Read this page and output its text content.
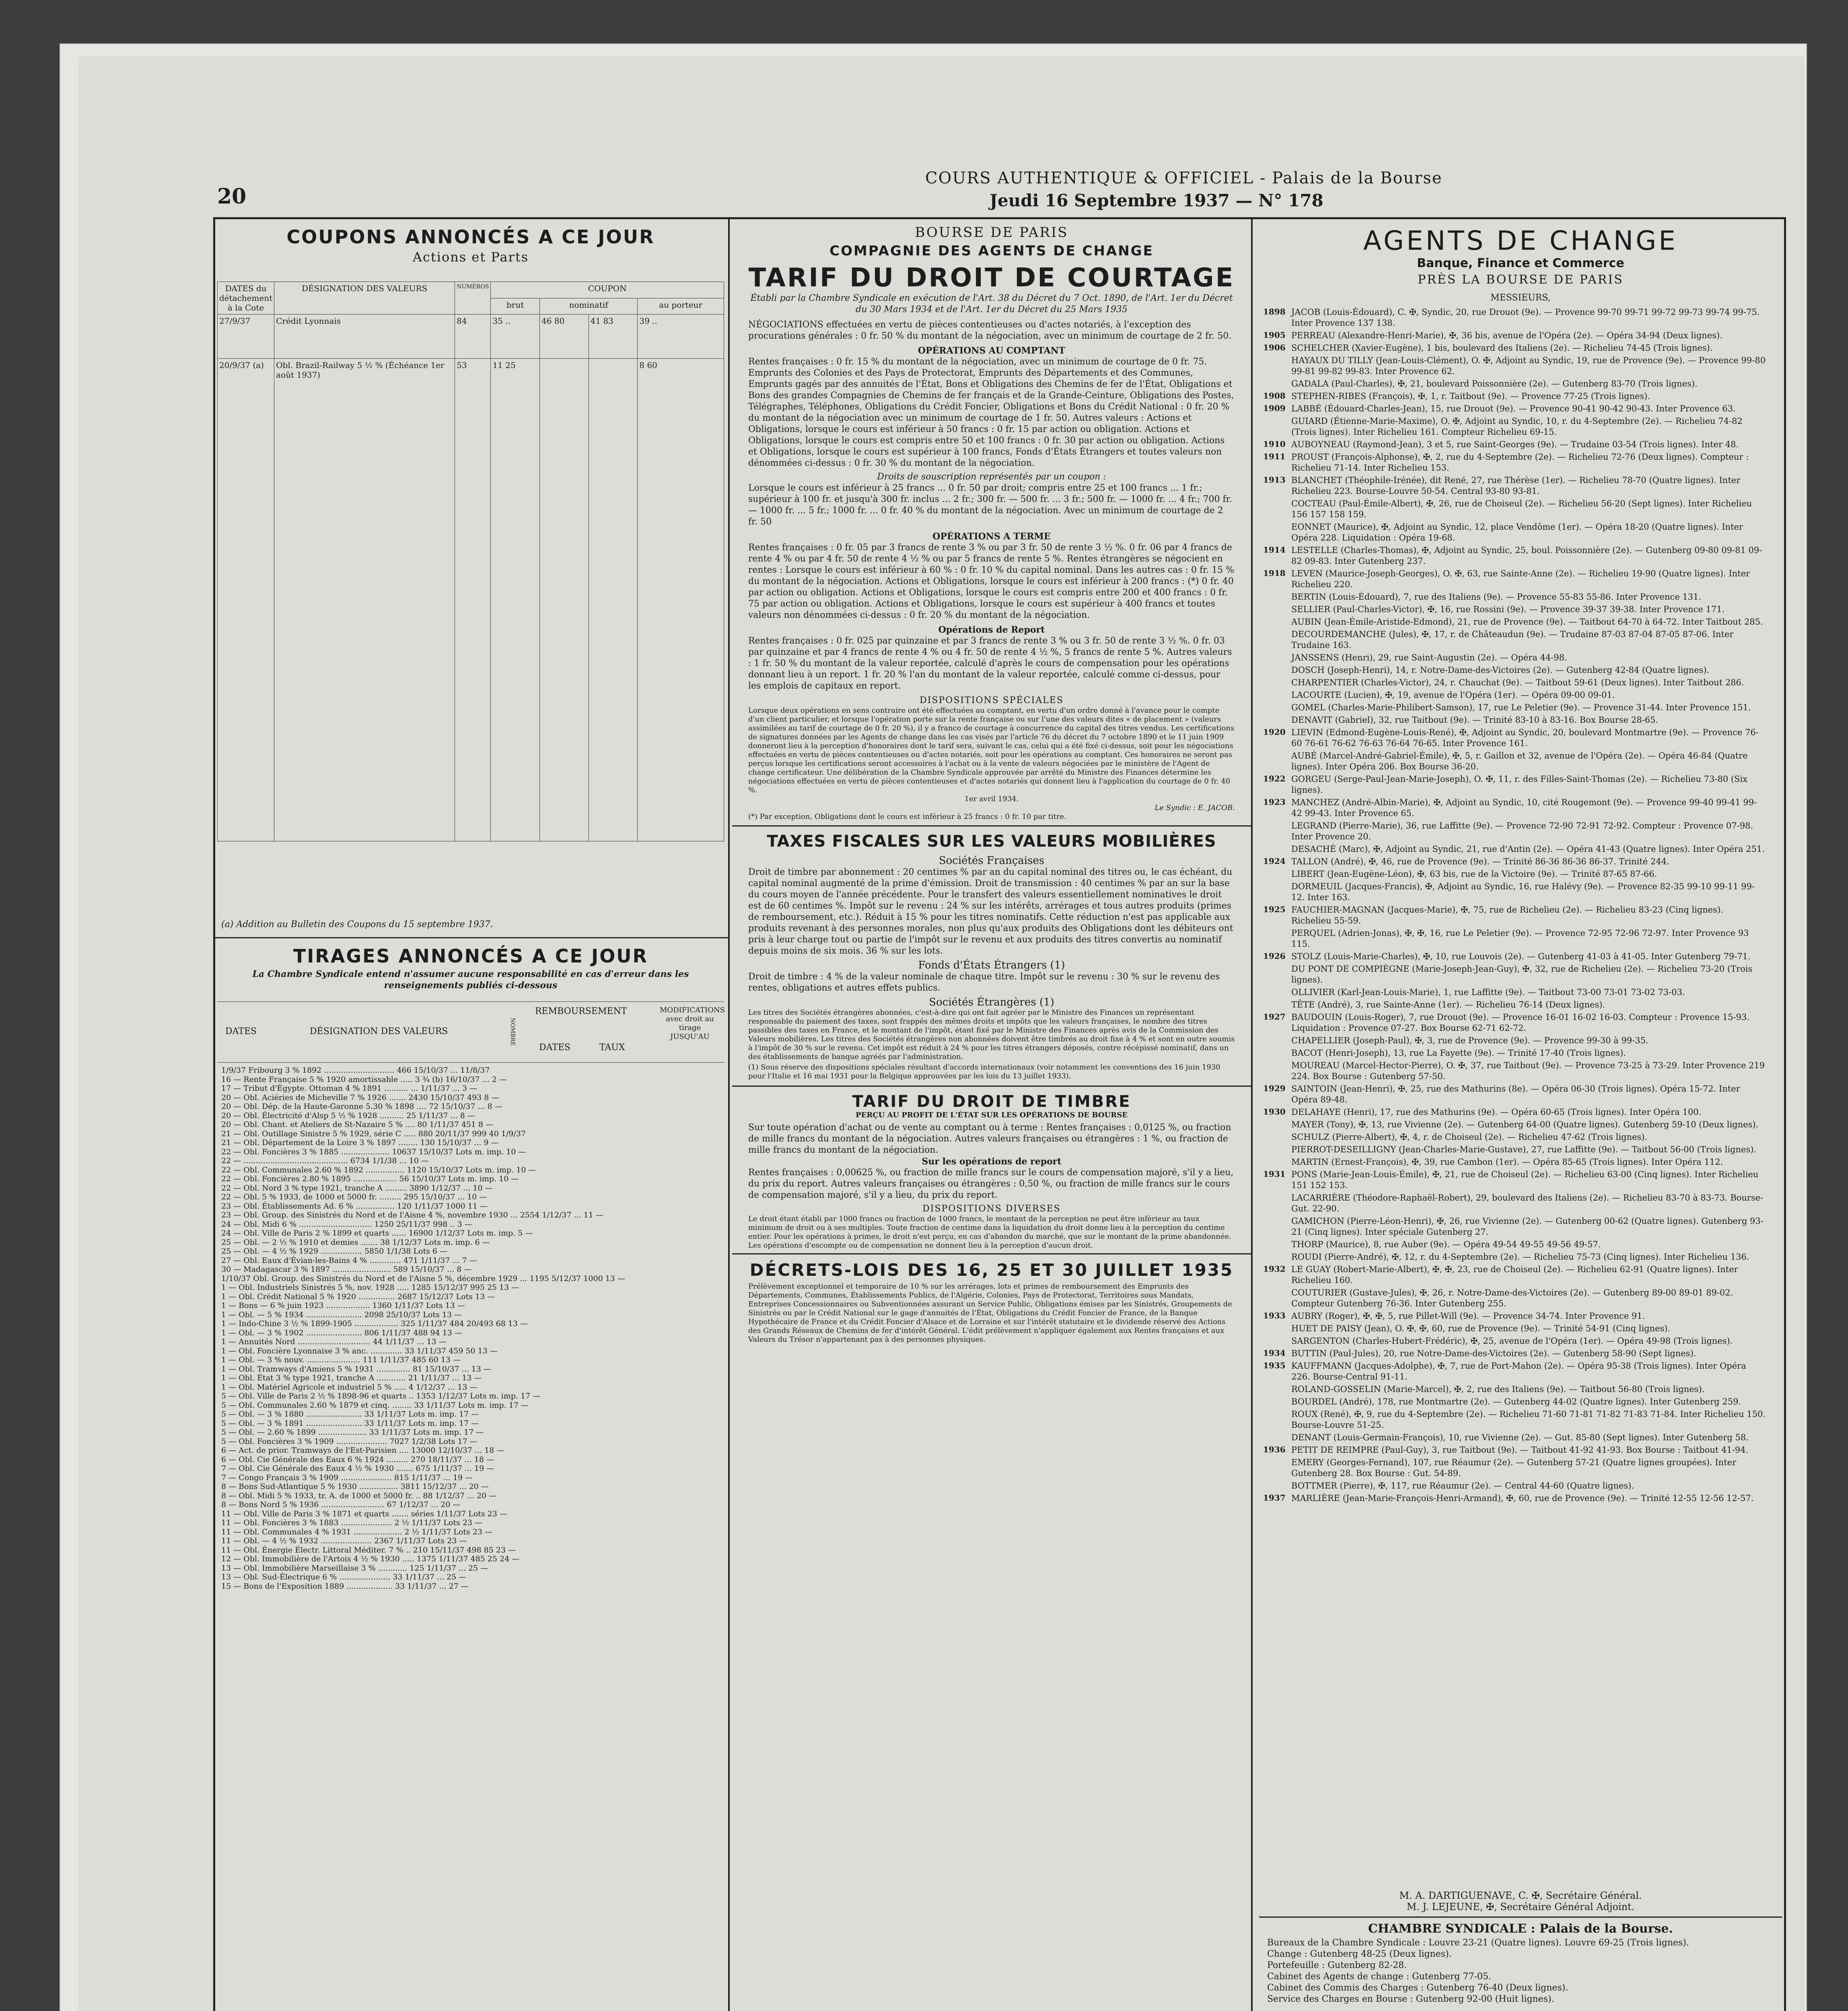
20
COURS AUTHENTIQUE & OFFICIEL - Palais de la Bourse
Jeudi 16 Septembre 1937 — N° 178
COUPONS ANNONCÉS A CE JOUR
Actions et Parts
DATES du détachement à la Cote	DÉSIGNATION DES VALEURS	NUMÉROS	COUPON			
			brut	nominatif		au porteur
27/9/37	Crédit Lyonnais	84	35 ..	46 80	41 83	39 ..
20/9/37 (a)	Obl. Brazil-Railway 5 ½ % (Échéance 1er août 1937)	53	11 25			8 60
(a) Addition au Bulletin des Coupons du 15 septembre 1937.
TIRAGES ANNONCÉS A CE JOUR
La Chambre Syndicale entend n'assumer aucune responsabilité en cas d'erreur dans les renseignements publiés ci-dessous
DATES	DÉSIGNATION DES VALEURS	NOMBRE
REMBOURSEMENT
DATES	TAUX
MODIFICATIONS avec droit au tirage JUSQU'AU
1/9/37 Fribourg 3 % 1892 ............................. 466 15/10/37 ... 11/8/37
16 — Rente Française 5 % 1920 amortissable ..... 3 ¾ (b) 16/10/37 ... 2 —
17 — Tribut d'Égypte. Ottoman 4 % 1891 .......... ... 1/11/37 ... 3 —
20 — Obl. Aciéries de Micheville 7 % 1926 ....... 2430 15/10/37 493 8 —
20 — Obl. Dép. de la Haute-Garonne 5.30 % 1898 .... 72 15/10/37 ... 8 —
20 — Obl. Électricité d'Alsp 5 ½ % 1928 .......... 25 1/11/37 ... 8 —
20 — Obl. Chant. et Ateliers de St-Nazaire 5 % .... 80 1/11/37 451 8 —
21 — Obl. Outillage Sinistre 5 % 1929, série C ..... 880 20/11/37 999 40 1/9/37
21 — Obl. Département de la Loire 3 % 1897 ........ 130 15/10/37 ... 9 —
22 — Obl. Foncières 3 % 1885 .................... 10637 15/10/37 Lots m. imp. 10 —
22 — ........................................... 6734 1/1/38 ... 10 —
22 — Obl. Communales 2.60 % 1892 ................ 1120 15/10/37 Lots m. imp. 10 —
22 — Obl. Foncières 2.80 % 1895 .................. 56 15/10/37 Lots m. imp. 10 —
22 — Obl. Nord 3 % type 1921, tranche A ......... 3890 1/12/37 ... 10 —
22 — Obl. 5 % 1933, de 1000 et 5000 fr. ......... 295 15/10/37 ... 10 —
23 — Obl. Établissements Ad. 6 % ................ 120 1/11/37 1000 11 —
23 — Obl. Group. des Sinistrés du Nord et de l'Aisne 4 %, novembre 1930 ... 2554 1/12/37 ... 11 —
24 — Obl. Midi 6 % .............................. 1250 25/11/37 998 .. 3 —
24 — Obl. Ville de Paris 2 % 1899 et quarts ...... 16900 1/12/37 Lots m. imp. 5 —
25 — Obl. — 2 ½ % 1910 et demies ....... 38 1/12/37 Lots m. imp. 6 —
25 — Obl. — 4 ½ % 1929 ................. 5850 1/1/38 Lots 6 —
27 — Obl. Eaux d'Évian-les-Bains 4 % ............. 471 1/11/37 ... 7 —
30 — Madagascar 3 % 1897 ........................ 589 15/10/37 ... 8 —
1/10/37 Obl. Group. des Sinistrés du Nord et de l'Aisne 5 %, décembre 1929 ... 1195 5/12/37 1000 13 —
1 — Obl. Industriels Sinistrés 5 %, nov. 1928 ..... 1285 15/12/37 995 25 13 —
1 — Obl. Crédit National 5 % 1920 ............... 2687 15/12/37 Lots 13 —
1 — Bons — 6 % juin 1923 .................. 1360 1/11/37 Lots 13 —
1 — Obl. — 5 % 1934 ....................... 2098 25/10/37 Lots 13 —
1 — Indo-Chine 3 ½ % 1899-1905 .................. 325 1/11/37 484 20/493 68 13 —
1 — Obl. — 3 % 1902 ....................... 806 1/11/37 488 94 13 —
1 — Annuités Nord .............................. 44 1/11/37 ... 13 —
1 — Obl. Foncière Lyonnaise 3 % anc. ............. 33 1/11/37 459 50 13 —
1 — Obl. — 3 % nouv. ...................... 111 1/11/37 485 60 13 —
1 — Obl. Tramways d'Amiens 5 % 1931 .............. 81 15/10/37 ... 13 —
1 — Obl. État 3 % type 1921, tranche A ............ 21 1/11/37 ... 13 —
1 — Obl. Matériel Agricole et industriel 5 % ..... 4 1/12/37 ... 13 —
5 — Obl. Ville de Paris 2 ½ % 1898-96 et quarts .. 1353 1/12/37 Lots m. imp. 17 —
5 — Obl. Communales 2.60 % 1879 et cinq. ........ 33 1/11/37 Lots m. imp. 17 —
5 — Obl. — 3 % 1880 ....................... 33 1/11/37 Lots m. imp. 17 —
5 — Obl. — 3 % 1891 ....................... 33 1/11/37 Lots m. imp. 17 —
5 — Obl. — 2.60 % 1899 .................... 33 1/11/37 Lots m. imp. 17 —
5 — Obl. Foncières 3 % 1909 ..................... 7027 1/2/38 Lots 17 —
6 — Act. de prior. Tramways de l'Est-Parisien .... 13000 12/10/37 ... 18 —
6 — Obl. Cie Générale des Eaux 6 % 1924 ......... 270 18/11/37 ... 18 —
7 — Obl. Cie Générale des Eaux 4 ½ % 1930 ....... 675 1/11/37 ... 19 —
7 — Congo Français 3 % 1909 ..................... 815 1/11/37 ... 19 —
8 — Bons Sud-Atlantique 5 % 1930 ................ 3811 15/12/37 ... 20 —
8 — Obl. Midi 5 % 1933, tr. A. de 1000 et 5000 fr. .. 88 1/12/37 ... 20 —
8 — Bons Nord 5 % 1936 .......................... 67 1/12/37 ... 20 —
11 — Obl. Ville de Paris 3 % 1871 et quarts ....... séries 1/11/37 Lots 23 —
11 — Obl. Foncières 3 % 1883 ..................... 2 ½ 1/11/37 Lots 23 —
11 — Obl. Communales 4 % 1931 .................... 2 ½ 1/11/37 Lots 23 —
11 — Obl. — 4 ½ % 1932 ..................... 2367 1/11/37 Lots 23 —
11 — Obl. Énergie Électr. Littoral Méditer. 7 % .. 210 15/11/37 498 85 23 —
12 — Obl. Immobilière de l'Artois 4 ½ % 1930 ..... 1375 1/11/37 485 25 24 —
13 — Obl. Immobilière Marseillaise 3 % ............ 125 1/11/37 ... 25 —
13 — Obl. Sud-Électrique 6 % ..................... 33 1/11/37 ... 25 —
15 — Bons de l'Exposition 1889 ................... 33 1/11/37 ... 27 —
BOURSE DE PARIS
COMPAGNIE DES AGENTS DE CHANGE
TARIF DU DROIT DE COURTAGE
Établi par la Chambre Syndicale en exécution de l'Art. 38 du Décret du 7 Oct. 1890, de l'Art. 1er du Décret du 30 Mars 1934 et de l'Art. 1er du Décret du 25 Mars 1935
NÉGOCIATIONS effectuées en vertu de pièces contentieuses ou d'actes notariés, à l'exception des procurations générales : 0 fr. 50 % du montant de la négociation, avec un minimum de courtage de 2 fr. 50.
OPÉRATIONS AU COMPTANT
Rentes françaises : 0 fr. 15 % du montant de la négociation, avec un minimum de courtage de 0 fr. 75. Emprunts des Colonies et des Pays de Protectorat, Emprunts des Départements et des Communes, Emprunts gagés par des annuités de l'État, Bons et Obligations des Chemins de fer de l'État, Obligations et Bons des grandes Compagnies de Chemins de fer français et de la Grande-Ceinture, Obligations des Postes, Télégraphes, Téléphones, Obligations du Crédit Foncier, Obligations et Bons du Crédit National : 0 fr. 20 % du montant de la négociation avec un minimum de courtage de 1 fr. 50. Autres valeurs : Actions et Obligations, lorsque le cours est inférieur à 50 francs : 0 fr. 15 par action ou obligation. Actions et Obligations, lorsque le cours est compris entre 50 et 100 francs : 0 fr. 30 par action ou obligation. Actions et Obligations, lorsque le cours est supérieur à 100 francs, Fonds d'États Étrangers et toutes valeurs non dénommées ci-dessus : 0 fr. 30 % du montant de la négociation.
Droits de souscription représentés par un coupon :
Lorsque le cours est inférieur à 25 francs ... 0 fr. 50 par droit; compris entre 25 et 100 francs ... 1 fr.; supérieur à 100 fr. et jusqu'à 300 fr. inclus ... 2 fr.; 300 fr. — 500 fr. ... 3 fr.; 500 fr. — 1000 fr. ... 4 fr.; 700 fr. — 1000 fr. ... 5 fr.; 1000 fr. ... 0 fr. 40 % du montant de la négociation. Avec un minimum de courtage de 2 fr. 50
OPÉRATIONS A TERME
Rentes françaises : 0 fr. 05 par 3 francs de rente 3 % ou par 3 fr. 50 de rente 3 ½ %. 0 fr. 06 par 4 francs de rente 4 % ou par 4 fr. 50 de rente 4 ½ % ou par 5 francs de rente 5 %. Rentes étrangères se négocient en rentes : Lorsque le cours est inférieur à 60 % : 0 fr. 10 % du capital nominal. Dans les autres cas : 0 fr. 15 % du montant de la négociation. Actions et Obligations, lorsque le cours est inférieur à 200 francs : (*) 0 fr. 40 par action ou obligation. Actions et Obligations, lorsque le cours est compris entre 200 et 400 francs : 0 fr. 75 par action ou obligation. Actions et Obligations, lorsque le cours est supérieur à 400 francs et toutes valeurs non dénommées ci-dessus : 0 fr. 20 % du montant de la négociation.
Opérations de Report
Rentes françaises : 0 fr. 025 par quinzaine et par 3 francs de rente 3 % ou 3 fr. 50 de rente 3 ½ %. 0 fr. 03 par quinzaine et par 4 francs de rente 4 % ou 4 fr. 50 de rente 4 ½ %, 5 francs de rente 5 %. Autres valeurs : 1 fr. 50 % du montant de la valeur reportée, calculé d'après le cours de compensation pour les opérations donnant lieu à un report. 1 fr. 20 % l'an du montant de la valeur reportée, calculé comme ci-dessus, pour les emplois de capitaux en report.
DISPOSITIONS SPÉCIALES
Lorsque deux opérations en sens contraire ont été effectuées au comptant, en vertu d'un ordre donné à l'avance pour le compte d'un client particulier, et lorsque l'opération porte sur la rente française ou sur l'une des valeurs dites « de placement » (valeurs assimilées au tarif de courtage de 0 fr. 20 %), il y a franco de courtage à concurrence du capital des titres vendus. Les certifications de signatures données par les Agents de change dans les cas visés par l'article 76 du décret du 7 octobre 1890 et le 11 juin 1909 donneront lieu à la perception d'honoraires dont le tarif sera, suivant le cas, celui qui a été fixé ci-dessus, soit pour les négociations effectuées en vertu de pièces contentieuses ou d'actes notariés, soit pour les opérations au comptant. Ces honoraires ne seront pas perçus lorsque les certifications seront accessoires à l'achat ou à la vente de valeurs négociées par le ministère de l'Agent de change certificateur. Une délibération de la Chambre Syndicale approuvée par arrêté du Ministre des Finances détermine les négociations effectuées en vertu de pièces contentieuses et d'actes notariés qui donnent lieu à l'application du courtage de 0 fr. 40 %.
1er avril 1934.
Le Syndic : E. JACOB.
(*) Par exception, Obligations dont le cours est inférieur à 25 francs : 0 fr. 10 par titre.
TAXES FISCALES SUR LES VALEURS MOBILIÈRES
Sociétés Françaises
Droit de timbre par abonnement : 20 centimes % par an du capital nominal des titres ou, le cas échéant, du capital nominal augmenté de la prime d'émission. Droit de transmission : 40 centimes % par an sur la base du cours moyen de l'année précédente. Pour le transfert des valeurs essentiellement nominatives le droit est de 60 centimes %. Impôt sur le revenu : 24 % sur les intérêts, arrérages et tous autres produits (primes de remboursement, etc.). Réduit à 15 % pour les titres nominatifs. Cette réduction n'est pas applicable aux produits revenant à des personnes morales, non plus qu'aux produits des Obligations dont les débiteurs ont pris à leur charge tout ou partie de l'impôt sur le revenu et aux produits des titres convertis au nominatif depuis moins de six mois. 36 % sur les lots.
Fonds d'États Étrangers (1)
Droit de timbre : 4 % de la valeur nominale de chaque titre. Impôt sur le revenu : 30 % sur le revenu des rentes, obligations et autres effets publics.
Sociétés Étrangères (1)
Les titres des Sociétés étrangères abonnées, c'est-à-dire qui ont fait agréer par le Ministre des Finances un représentant responsable du paiement des taxes, sont frappés des mêmes droits et impôts que les valeurs françaises, le nombre des titres passibles des taxes en France, et le montant de l'impôt, étant fixé par le Ministre des Finances après avis de la Commission des Valeurs mobilières. Les titres des Sociétés étrangères non abonnées doivent être timbrés au droit fixe à 4 % et sont en outre soumis à l'impôt de 30 % sur le revenu. Cet impôt est réduit à 24 % pour les titres étrangers déposés, contre récépissé nominatif, dans un des établissements de banque agréés par l'administration.
(1) Sous réserve des dispositions spéciales résultant d'accords internationaux (voir notamment les conventions des 16 juin 1930 pour l'Italie et 16 mai 1931 pour la Belgique approuvées par les lois du 13 juillet 1933).
TARIF DU DROIT DE TIMBRE
PERÇU AU PROFIT DE L'ÉTAT SUR LES OPÉRATIONS DE BOURSE
Sur toute opération d'achat ou de vente au comptant ou à terme : Rentes françaises : 0,0125 %, ou fraction de mille francs du montant de la négociation. Autres valeurs françaises ou étrangères : 1 %, ou fraction de mille francs du montant de la négociation.
Sur les opérations de report
Rentes françaises : 0,00625 %, ou fraction de mille francs sur le cours de compensation majoré, s'il y a lieu, du prix du report. Autres valeurs françaises ou étrangères : 0,50 %, ou fraction de mille francs sur le cours de compensation majoré, s'il y a lieu, du prix du report.
DISPOSITIONS DIVERSES
Le droit étant établi par 1000 francs ou fraction de 1000 francs, le montant de la perception ne peut être inférieur au taux minimum de droit ou à ses multiples. Toute fraction de centime dans la liquidation du droit donne lieu à la perception du centime entier. Pour les opérations à primes, le droit n'est perçu, en cas d'abandon du marché, que sur le montant de la prime abandonnée. Les opérations d'escompte ou de compensation ne donnent lieu à la perception d'aucun droit.
DÉCRETS-LOIS DES 16, 25 ET 30 JUILLET 1935
Prélèvement exceptionnel et temporaire de 10 % sur les arrérages, lots et primes de remboursement des Emprunts des Départements, Communes, Établissements Publics, de l'Algérie, Colonies, Pays de Protectorat, Territoires sous Mandats, Entreprises Concessionnaires ou Subventionnées assurant un Service Public, Obligations émises par les Sinistrés, Groupements de Sinistrés ou par le Crédit National sur le gage d'annuités de l'État, Obligations du Crédit Foncier de France, de la Banque Hypothécaire de France et du Crédit Foncier d'Alsace et de Lorraine et sur l'intérêt statutaire et le dividende réservé des Actions des Grands Réseaux de Chemins de fer d'intérêt Général. L'édit prélèvement n'appliquer également aux Rentes françaises et aux Valeurs du Trésor n'appartenant pas à des personnes physiques.
AGENTS DE CHANGE
Banque, Finance et Commerce
PRÈS LA BOURSE DE PARIS
MESSIEURS,
1898 JACOB (Louis-Édouard), C. ✠, Syndic, 20, rue Drouot (9e). — Provence 99-70 99-71 99-72 99-73 99-74 99-75. Inter Provence 137 138.

1905 PERREAU (Alexandre-Henri-Marie), ✠, 36 bis, avenue de l'Opéra (2e). — Opéra 34-94 (Deux lignes).

1906 SCHELCHER (Xavier-Eugène), 1 bis, boulevard des Italiens (2e). — Richelieu 74-45 (Trois lignes).

HAYAUX DU TILLY (Jean-Louis-Clément), O. ✠, Adjoint au Syndic, 19, rue de Provence (9e). — Provence 99-80 99-81 99-82 99-83. Inter Provence 62.

GADALA (Paul-Charles), ✠, 21, boulevard Poissonnière (2e). — Gutenberg 83-70 (Trois lignes).

1908 STEPHEN-RIBES (François), ✠, 1, r. Taitbout (9e). — Provence 77-25 (Trois lignes).

1909 LABBÉ (Édouard-Charles-Jean), 15, rue Drouot (9e). — Provence 90-41 90-42 90-43. Inter Provence 63.

GUIARD (Étienne-Marie-Maxime), O. ✠, Adjoint au Syndic, 10, r. du 4-Septembre (2e). — Richelieu 74-82 (Trois lignes). Inter Richelieu 161. Compteur Richelieu 69-15.

1910 AUBOYNEAU (Raymond-Jean), 3 et 5, rue Saint-Georges (9e). — Trudaine 03-54 (Trois lignes). Inter 48.

1911 PROUST (François-Alphonse), ✠, 2, rue du 4-Septembre (2e). — Richelieu 72-76 (Deux lignes). Compteur : Richelieu 71-14. Inter Richelieu 153.

1913 BLANCHET (Théophile-Irénée), dit René, 27, rue Thérèse (1er). — Richelieu 78-70 (Quatre lignes). Inter Richelieu 223. Bourse-Louvre 50-54. Central 93-80 93-81.

COCTEAU (Paul-Émile-Albert), ✠, 26, rue de Choiseul (2e). — Richelieu 56-20 (Sept lignes). Inter Richelieu 156 157 158 159.

EONNET (Maurice), ✠, Adjoint au Syndic, 12, place Vendôme (1er). — Opéra 18-20 (Quatre lignes). Inter Opéra 228. Liquidation : Opéra 19-68.

1914 LESTELLE (Charles-Thomas), ✠, Adjoint au Syndic, 25, boul. Poissonnière (2e). — Gutenberg 09-80 09-81 09-82 09-83. Inter Gutenberg 237.

1918 LEVEN (Maurice-Joseph-Georges), O. ✠, 63, rue Sainte-Anne (2e). — Richelieu 19-90 (Quatre lignes). Inter Richelieu 220.

BERTIN (Louis-Édouard), 7, rue des Italiens (9e). — Provence 55-83 55-86. Inter Provence 131.

SELLIER (Paul-Charles-Victor), ✠, 16, rue Rossini (9e). — Provence 39-37 39-38. Inter Provence 171.

AUBIN (Jean-Émile-Aristide-Edmond), 21, rue de Provence (9e). — Taitbout 64-70 à 64-72. Inter Taitbout 285.

DECOURDEMANCHE (Jules), ✠, 17, r. de Châteaudun (9e). — Trudaine 87-03 87-04 87-05 87-06. Inter Trudaine 163.

JANSSENS (Henri), 29, rue Saint-Augustin (2e). — Opéra 44-98.

DOSCH (Joseph-Henri), 14, r. Notre-Dame-des-Victoires (2e). — Gutenberg 42-84 (Quatre lignes).

CHARPENTIER (Charles-Victor), 24, r. Chauchat (9e). — Taitbout 59-61 (Deux lignes). Inter Taitbout 286.

LACOURTE (Lucien), ✠, 19, avenue de l'Opéra (1er). — Opéra 09-00 09-01.

GOMEL (Charles-Marie-Philibert-Samson), 17, rue Le Peletier (9e). — Provence 31-44. Inter Provence 151.

DENAVIT (Gabriel), 32, rue Taitbout (9e). — Trinité 83-10 à 83-16. Box Bourse 28-65.

1920 LIEVIN (Edmond-Eugène-Louis-René), ✠, Adjoint au Syndic, 20, boulevard Montmartre (9e). — Provence 76-60 76-61 76-62 76-63 76-64 76-65. Inter Provence 161.

AUBÉ (Marcel-André-Gabriel-Émile), ✠, 5, r. Gaillon et 32, avenue de l'Opéra (2e). — Opéra 46-84 (Quatre lignes). Inter Opéra 206. Box Bourse 36-20.

1922 GORGEU (Serge-Paul-Jean-Marie-Joseph), O. ✠, 11, r. des Filles-Saint-Thomas (2e). — Richelieu 73-80 (Six lignes).

1923 MANCHEZ (André-Albin-Marie), ✠, Adjoint au Syndic, 10, cité Rougemont (9e). — Provence 99-40 99-41 99-42 99-43. Inter Provence 65.

LEGRAND (Pierre-Marie), 36, rue Laffitte (9e). — Provence 72-90 72-91 72-92. Compteur : Provence 07-98. Inter Provence 20.

DESACHÉ (Marc), ✠, Adjoint au Syndic, 21, rue d'Antin (2e). — Opéra 41-43 (Quatre lignes). Inter Opéra 251.

1924 TALLON (André), ✠, 46, rue de Provence (9e). — Trinité 86-36 86-36 86-37. Trinité 244.

LIBERT (Jean-Eugène-Léon), ✠, 63 bis, rue de la Victoire (9e). — Trinité 87-65 87-66.

DORMEUIL (Jacques-Francis), ✠, Adjoint au Syndic, 16, rue Halévy (9e). — Provence 82-35 99-10 99-11 99-12. Inter 163.

1925 FAUCHIER-MAGNAN (Jacques-Marie), ✠, 75, rue de Richelieu (2e). — Richelieu 83-23 (Cinq lignes). Richelieu 55-59.

PERQUEL (Adrien-Jonas), ✠, ✠, 16, rue Le Peletier (9e). — Provence 72-95 72-96 72-97. Inter Provence 93 115.

1926 STOLZ (Louis-Marie-Charles), ✠, 10, rue Louvois (2e). — Gutenberg 41-03 à 41-05. Inter Gutenberg 79-71.

DU PONT DE COMPIÈGNE (Marie-Joseph-Jean-Guy), ✠, 32, rue de Richelieu (2e). — Richelieu 73-20 (Trois lignes).

OLLIVIER (Karl-Jean-Louis-Marie), 1, rue Laffitte (9e). — Taitbout 73-00 73-01 73-02 73-03.

TÊTE (André), 3, rue Sainte-Anne (1er). — Richelieu 76-14 (Deux lignes).

1927 BAUDOUIN (Louis-Roger), 7, rue Drouot (9e). — Provence 16-01 16-02 16-03. Compteur : Provence 15-93. Liquidation : Provence 07-27. Box Bourse 62-71 62-72.

CHAPELLIER (Joseph-Paul), ✠, 3, rue de Provence (9e). — Provence 99-30 à 99-35.

BACOT (Henri-Joseph), 13, rue La Fayette (9e). — Trinité 17-40 (Trois lignes).

MOUREAU (Marcel-Hector-Pierre), O. ✠, 37, rue Taitbout (9e). — Provence 73-25 à 73-29. Inter Provence 219 224. Box Bourse : Gutenberg 57-50.

1929 SAINTOIN (Jean-Henri), ✠, 25, rue des Mathurins (8e). — Opéra 06-30 (Trois lignes). Opéra 15-72. Inter Opéra 89-48.

1930 DELAHAYE (Henri), 17, rue des Mathurins (9e). — Opéra 60-65 (Trois lignes). Inter Opéra 100.

MAYER (Tony), ✠, 13, rue Vivienne (2e). — Gutenberg 64-00 (Quatre lignes). Gutenberg 59-10 (Deux lignes).

SCHULZ (Pierre-Albert), ✠, 4, r. de Choiseul (2e). — Richelieu 47-62 (Trois lignes).

PIERROT-DESEILLIGNY (Jean-Charles-Marie-Gustave), 27, rue Laffitte (9e). — Taitbout 56-00 (Trois lignes).

MARTIN (Ernest-François), ✠, 39, rue Cambon (1er). — Opéra 85-65 (Trois lignes). Inter Opéra 112.

1931 PONS (Marie-Jean-Louis-Émile), ✠, 21, rue de Choiseul (2e). — Richelieu 63-00 (Cinq lignes). Inter Richelieu 151 152 153.

LACARRIÈRE (Théodore-Raphaël-Robert), 29, boulevard des Italiens (2e). — Richelieu 83-70 à 83-73. Bourse-Gut. 22-90.

GAMICHON (Pierre-Léon-Henri), ✠, 26, rue Vivienne (2e). — Gutenberg 00-62 (Quatre lignes). Gutenberg 93-21 (Cinq lignes). Inter spéciale Gutenberg 27.

THORP (Maurice), 8, rue Auber (9e). — Opéra 49-54 49-55 49-56 49-57.

ROUDI (Pierre-André), ✠, 12, r. du 4-Septembre (2e). — Richelieu 75-73 (Cinq lignes). Inter Richelieu 136.

1932 LE GUAY (Robert-Marie-Albert), ✠, ✠, 23, rue de Choiseul (2e). — Richelieu 62-91 (Quatre lignes). Inter Richelieu 160.

COUTURIER (Gustave-Jules), ✠, 26, r. Notre-Dame-des-Victoires (2e). — Gutenberg 89-00 89-01 89-02. Compteur Gutenberg 76-36. Inter Gutenberg 255.

1933 AUBRY (Roger), ✠, ✠, 5, rue Pillet-Will (9e). — Provence 34-74. Inter Provence 91.

HUET DE PAISY (Jean), O. ✠, ✠, 60, rue de Provence (9e). — Trinité 54-91 (Cinq lignes).

SARGENTON (Charles-Hubert-Frédéric), ✠, 25, avenue de l'Opéra (1er). — Opéra 49-98 (Trois lignes).

1934 BUTTIN (Paul-Jules), 20, rue Notre-Dame-des-Victoires (2e). — Gutenberg 58-90 (Sept lignes).

1935 KAUFFMANN (Jacques-Adolphe), ✠, 7, rue de Port-Mahon (2e). — Opéra 95-38 (Trois lignes). Inter Opéra 226. Bourse-Central 91-11.

ROLAND-GOSSELIN (Marie-Marcel), ✠, 2, rue des Italiens (9e). — Taitbout 56-80 (Trois lignes).

BOURDEL (André), 178, rue Montmartre (2e). — Gutenberg 44-02 (Quatre lignes). Inter Gutenberg 259.

ROUX (René), ✠, 9, rue du 4-Septembre (2e). — Richelieu 71-60 71-81 71-82 71-83 71-84. Inter Richelieu 150. Bourse-Louvre 51-25.

DENANT (Louis-Germain-François), 10, rue Vivienne (2e). — Gut. 85-80 (Sept lignes). Inter Gutenberg 58.

1936 PETIT DE REIMPRE (Paul-Guy), 3, rue Taitbout (9e). — Taitbout 41-92 41-93. Box Bourse : Taitbout 41-94.

EMERY (Georges-Fernand), 107, rue Réaumur (2e). — Gutenberg 57-21 (Quatre lignes groupées). Inter Gutenberg 28. Box Bourse : Gut. 54-89.

BOTTMER (Pierre), ✠, 117, rue Réaumur (2e). — Central 44-60 (Quatre lignes).

1937 MARLIÈRE (Jean-Marie-François-Henri-Armand), ✠, 60, rue de Provence (9e). — Trinité 12-55 12-56 12-57.

M. A. DARTIGUENAVE, C. ✠, Secrétaire Général.
M. J. LEJEUNE, ✠, Secrétaire Général Adjoint.
CHAMBRE SYNDICALE : Palais de la Bourse.
Bureaux de la Chambre Syndicale : Louvre 23-21 (Quatre lignes). Louvre 69-25 (Trois lignes).
Change : Gutenberg 48-25 (Deux lignes).
Portefeuille : Gutenberg 82-28.
Cabinet des Agents de change : Gutenberg 77-05.
Cabinet des Commis des Charges : Gutenberg 76-40 (Deux lignes).
Service des Charges en Bourse : Gutenberg 92-00 (Huit lignes).
